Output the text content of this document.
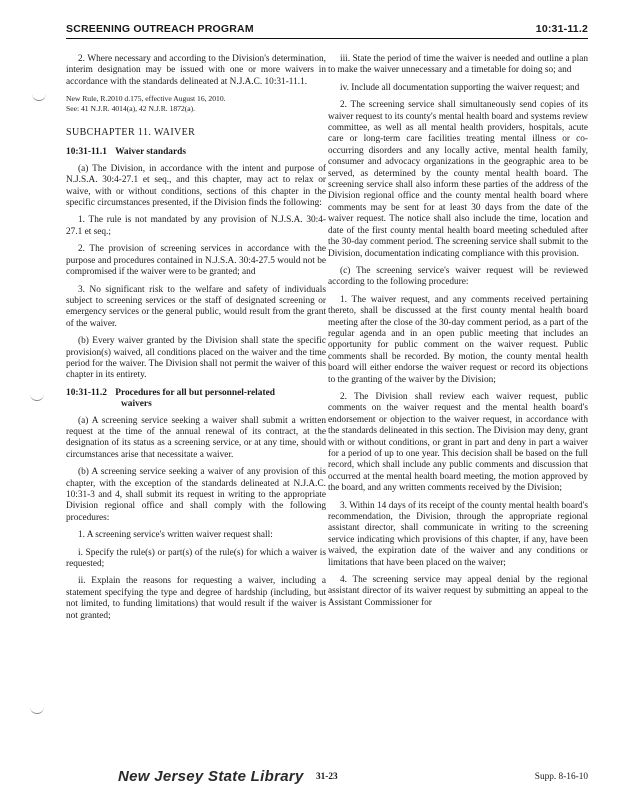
SCREENING OUTREACH PROGRAM	10:31-11.2

2. Where necessary and according to the Division's determination, interim designation may be issued with one or more waivers in accordance with the standards delineated at N.J.A.C. 10:31-11.1.

New Rule, R.2010 d.175, effective August 16, 2010.
See: 41 N.J.R. 4014(a), 42 N.J.R. 1872(a).
SUBCHAPTER 11. WAIVER
10:31-11.1 Waiver standards

(a) The Division, in accordance with the intent and purpose of N.J.S.A. 30:4-27.1 et seq., and this chapter, may act to relax or waive, with or without conditions, sections of this chapter in the specific circumstances presented, if the Division finds the following:

1. The rule is not mandated by any provision of N.J.S.A. 30:4-27.1 et seq.;

2. The provision of screening services in accordance with the purpose and procedures contained in N.J.S.A. 30:4-27.5 would not be compromised if the waiver were to be granted; and

3. No significant risk to the welfare and safety of individuals subject to screening services or the staff of designated screening or emergency services or the general public, would result from the grant of the waiver.

(b) Every waiver granted by the Division shall state the specific provision(s) waived, all conditions placed on the waiver and the time period for the waiver. The Division shall not permit the waiver of this chapter in its entirety.

10:31-11.2 Procedures for all but personnel-related
waivers

(a) A screening service seeking a waiver shall submit a written request at the time of the annual renewal of its contract, at the designation of its status as a screening service, or at any time, should circumstances arise that necessitate a waiver.

(b) A screening service seeking a waiver of any provision of this chapter, with the exception of the standards delineated at N.J.A.C. 10:31-3 and 4, shall submit its request in writing to the appropriate Division regional office and shall comply with the following procedures:

1. A screening service's written waiver request shall:

i. Specify the rule(s) or part(s) of the rule(s) for which a waiver is requested;

ii. Explain the reasons for requesting a waiver, including a statement specifying the type and degree of hardship (including, but not limited, to funding limitations) that would result if the waiver is not granted;

iii. State the period of time the waiver is needed and outline a plan to make the waiver unnecessary and a timetable for doing so; and

iv. Include all documentation supporting the waiver request; and

2. The screening service shall simultaneously send copies of its waiver request to its county's mental health board and systems review committee, as well as all mental health providers, hospitals, acute care or long-term care facilities treating mental illness or co-occurring disorders and any locally active, mental health family, consumer and advocacy organizations in the geographic area to be served, as determined by the county mental health board. The screening service shall also inform these parties of the address of the Division regional office and the county mental health board where comments may be sent for at least 30 days from the date of the waiver request. The notice shall also include the time, location and date of the first county mental health board meeting scheduled after the 30-day comment period. The screening service shall submit to the Division, documentation indicating compliance with this provision.

(c) The screening service's waiver request will be reviewed according to the following procedure:

1. The waiver request, and any comments received pertaining thereto, shall be discussed at the first county mental health board meeting after the close of the 30-day comment period, as a part of the regular agenda and in an open public meeting that includes an opportunity for public comment on the waiver request. Public comments shall be recorded. By motion, the county mental health board will either endorse the waiver request or record its objections to the granting of the waiver by the Division;

2. The Division shall review each waiver request, public comments on the waiver request and the mental health board's endorsement or objection to the waiver request, in accordance with the standards delineated in this section. The Division may deny, grant with or without conditions, or grant in part and deny in part a waiver for a period of up to one year. This decision shall be based on the full record, which shall include any public comments and discussion that occurred at the mental health board meeting, the motion approved by the board, and any written comments received by the Division;

3. Within 14 days of its receipt of the county mental health board's recommendation, the Division, through the appropriate regional assistant director, shall communicate in writing to the screening service indicating which provisions of this chapter, if any, have been waived, the expiration date of the waiver and any conditions or limitations that have been placed on the waiver;

4. The screening service may appeal denial by the regional assistant director of its waiver request by submitting an appeal to the Assistant Commissioner for

New Jersey State Library 31-23	Supp. 8-16-10
